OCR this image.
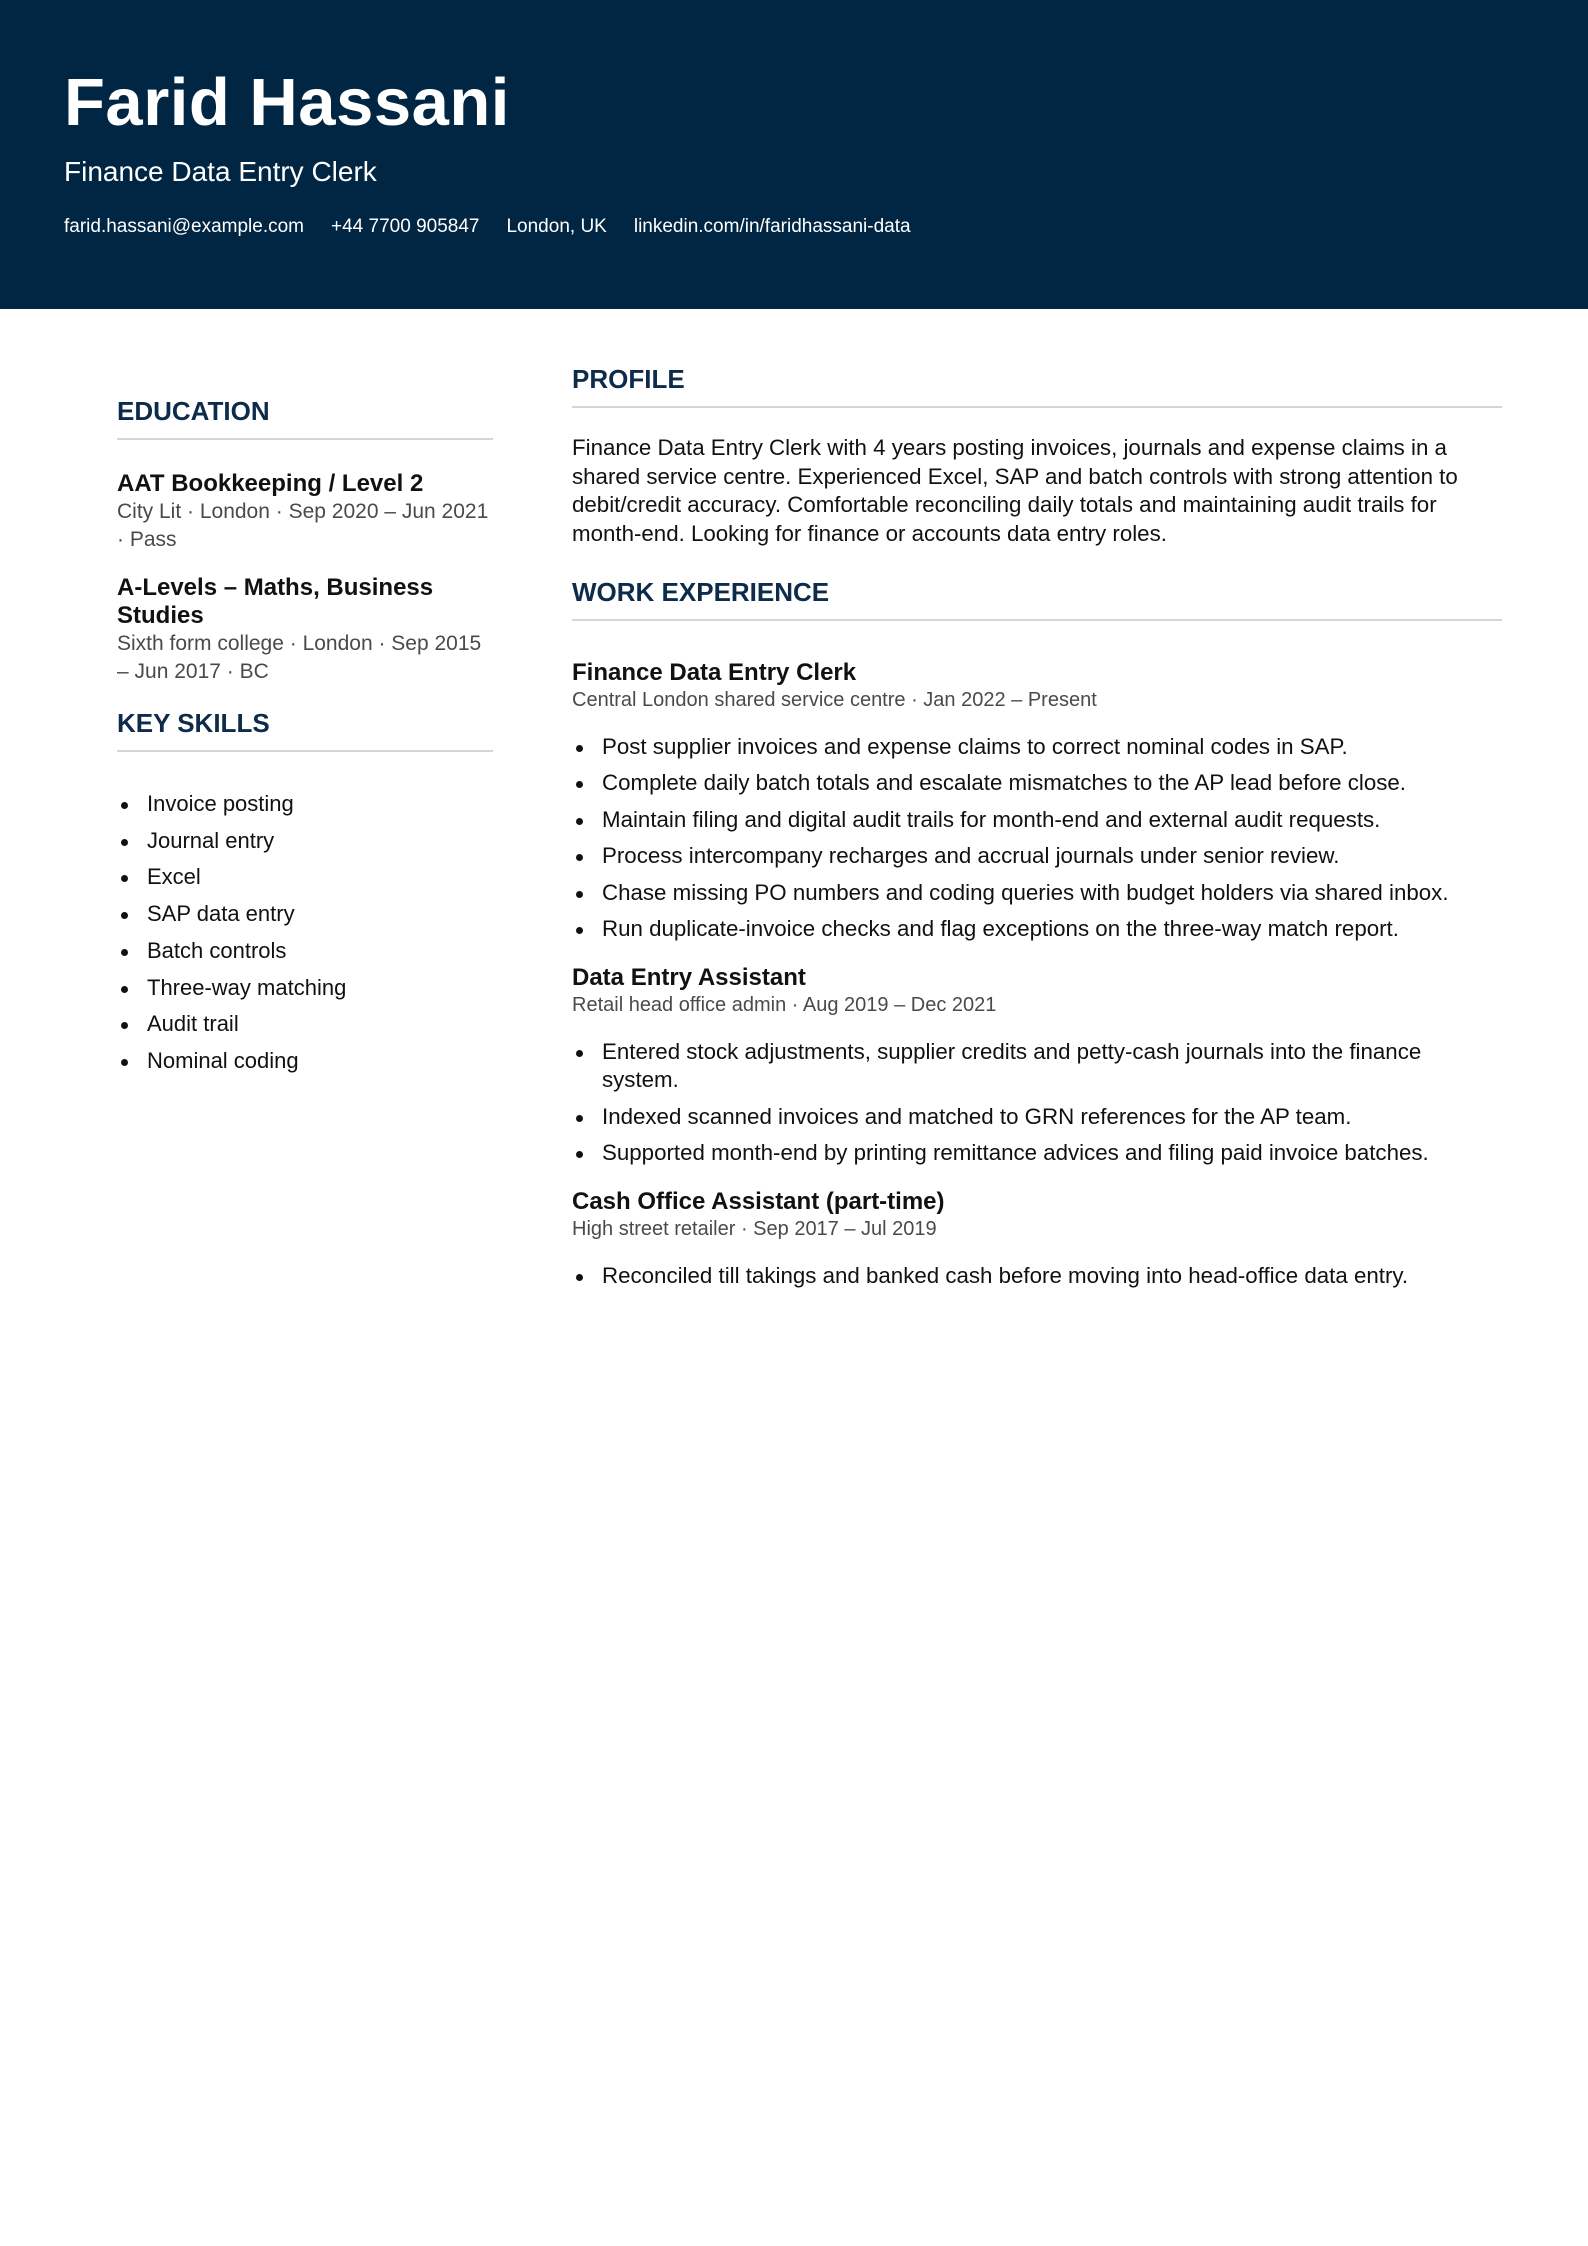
Farid Hassani
Finance Data Entry Clerk
farid.hassani@example.com +44 7700 905847 London, UK linkedin.com/in/faridhassani-data
EDUCATION
AAT Bookkeeping / Level 2
City Lit · London · Sep 2020 – Jun 2021 · Pass
A-Levels – Maths, Business Studies
Sixth form college · London · Sep 2015 – Jun 2017 · BC
KEY SKILLS
Invoice posting
Journal entry
Excel
SAP data entry
Batch controls
Three-way matching
Audit trail
Nominal coding
PROFILE

Finance Data Entry Clerk with 4 years posting invoices, journals and expense claims in a shared service centre. Experienced Excel, SAP and batch controls with strong attention to debit/credit accuracy. Comfortable reconciling daily totals and maintaining audit trails for month-end. Looking for finance or accounts data entry roles.

WORK EXPERIENCE
Finance Data Entry Clerk
Central London shared service centre · Jan 2022 – Present
Post supplier invoices and expense claims to correct nominal codes in SAP.
Complete daily batch totals and escalate mismatches to the AP lead before close.
Maintain filing and digital audit trails for month-end and external audit requests.
Process intercompany recharges and accrual journals under senior review.
Chase missing PO numbers and coding queries with budget holders via shared inbox.
Run duplicate-invoice checks and flag exceptions on the three-way match report.
Data Entry Assistant
Retail head office admin · Aug 2019 – Dec 2021
Entered stock adjustments, supplier credits and petty-cash journals into the finance system.
Indexed scanned invoices and matched to GRN references for the AP team.
Supported month-end by printing remittance advices and filing paid invoice batches.
Cash Office Assistant (part-time)
High street retailer · Sep 2017 – Jul 2019
Reconciled till takings and banked cash before moving into head-office data entry.
